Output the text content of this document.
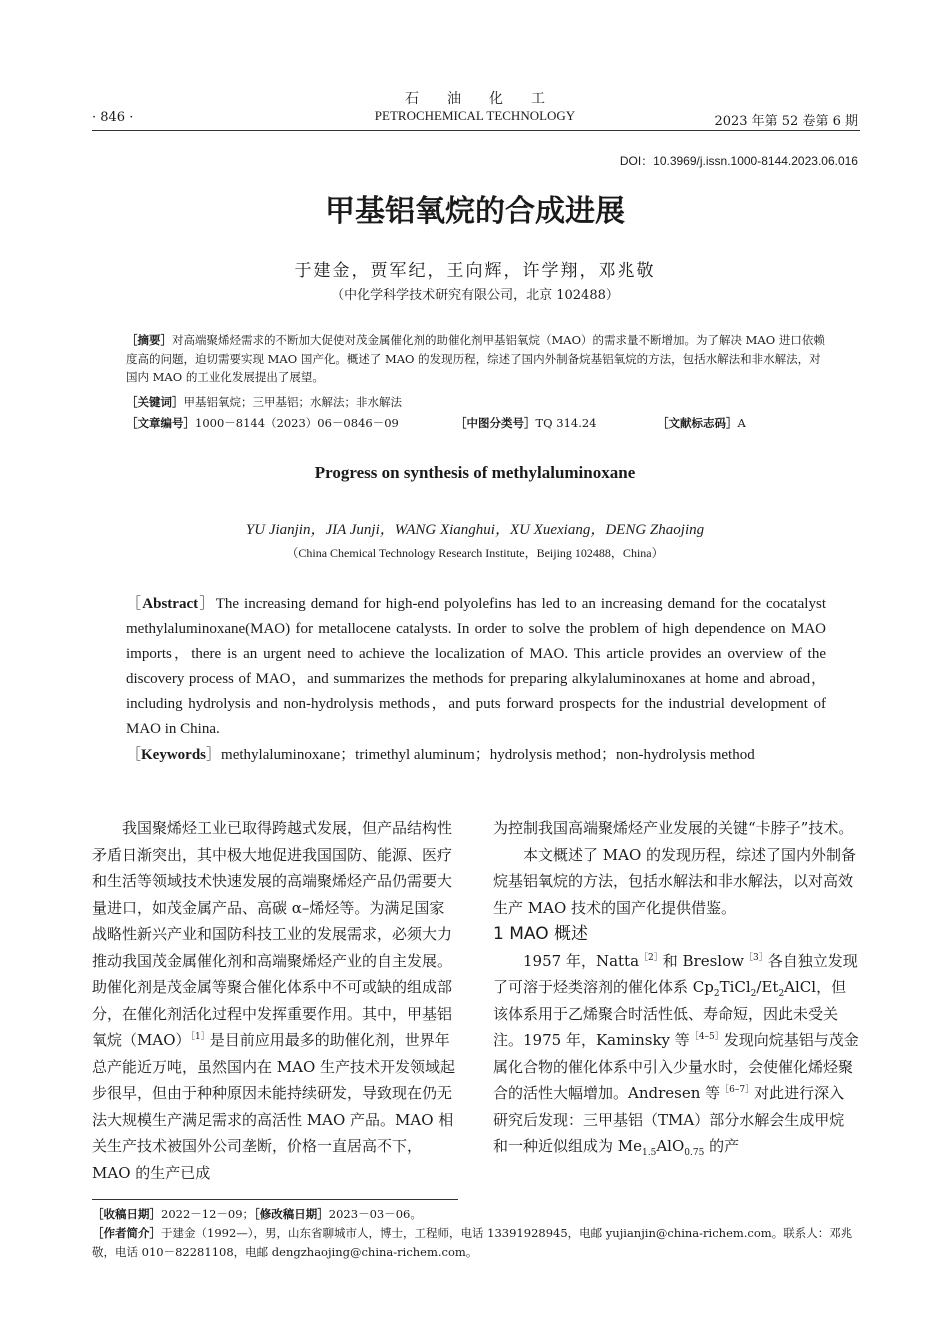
石油化工
· 846 ·	PETROCHEMICAL TECHNOLOGY	2023 年第 52 卷第 6 期
DOI：10.3969/j.issn.1000-8144.2023.06.016
甲基铝氧烷的合成进展
于建金，贾军纪，王向辉，许学翔，邓兆敬
（中化学科学技术研究有限公司，北京 102488）
［摘要］对高端聚烯烃需求的不断加大促使对茂金属催化剂的助催化剂甲基铝氧烷（MAO）的需求量不断增加。为了解决 MAO 进口依赖度高的问题，迫切需要实现 MAO 国产化。概述了 MAO 的发现历程，综述了国内外制备烷基铝氧烷的方法，包括水解法和非水解法，对国内 MAO 的工业化发展提出了展望。
［关键词］甲基铝氧烷；三甲基铝；水解法；非水解法
［文章编号］1000－8144（2023）06－0846－09	［中图分类号］TQ 314.24	［文献标志码］A
Progress on synthesis of methylaluminoxane
YU Jianjin，JIA Junji，WANG Xianghui，XU Xuexiang，DENG Zhaojing
（China Chemical Technology Research Institute，Beijing 102488，China）
［Abstract］The increasing demand for high-end polyolefins has led to an increasing demand for the cocatalyst methylaluminoxane(MAO) for metallocene catalysts. In order to solve the problem of high dependence on MAO imports，there is an urgent need to achieve the localization of MAO. This article provides an overview of the discovery process of MAO，and summarizes the methods for preparing alkylaluminoxanes at home and abroad，including hydrolysis and non-hydrolysis methods，and puts forward prospects for the industrial development of MAO in China.
［Keywords］methylaluminoxane；trimethyl aluminum；hydrolysis method；non-hydrolysis method

我国聚烯烃工业已取得跨越式发展，但产品结构性矛盾日渐突出，其中极大地促进我国国防、能源、医疗和生活等领域技术快速发展的高端聚烯烃产品仍需要大量进口，如茂金属产品、高碳 α–烯烃等。为满足国家战略性新兴产业和国防科技工业的发展需求，必须大力推动我国茂金属催化剂和高端聚烯烃产业的自主发展。助催化剂是茂金属等聚合催化体系中不可或缺的组成部分，在催化剂活化过程中发挥重要作用。其中，甲基铝氧烷（MAO）$^{[1]}$是目前应用最多的助催化剂，世界年总产能近万吨，虽然国内在 MAO 生产技术开发领域起步很早，但由于种种原因未能持续研发，导致现在仍无法大规模生产满足需求的高活性 MAO 产品。MAO 相关生产技术被国外公司垄断，价格一直居高不下，MAO 的生产已成

为控制我国高端聚烯烃产业发展的关键“卡脖子”技术。

本文概述了 MAO 的发现历程，综述了国内外制备烷基铝氧烷的方法，包括水解法和非水解法，以对高效生产 MAO 技术的国产化提供借鉴。

1 MAO 概述

1957 年，Natta$^{[2]}$和 Breslow$^{[3]}$各自独立发现了可溶于烃类溶剂的催化体系 $Cp_2TiCl_2/Et_2AlCl$，但该体系用于乙烯聚合时活性低、寿命短，因此未受关注。1975 年，Kaminsky 等$^{[4-5]}$发现向烷基铝与茂金属化合物的催化体系中引入少量水时，会使催化烯烃聚合的活性大幅增加。Andresen 等$^{[6-7]}$对此进行深入研究后发现：三甲基铝（TMA）部分水解会生成甲烷和一种近似组成为 $Me_{1.5}AlO_{0.75}$ 的产

［收稿日期］2022－12－09；［修改稿日期］2023－03－06。

［作者简介］于建金（1992—），男，山东省聊城市人，博士，工程师，电话 13391928945，电邮 yujianjin@china-richem.com。联系人：邓兆敬，电话 010－82281108，电邮 dengzhaojing@china-richem.com。
